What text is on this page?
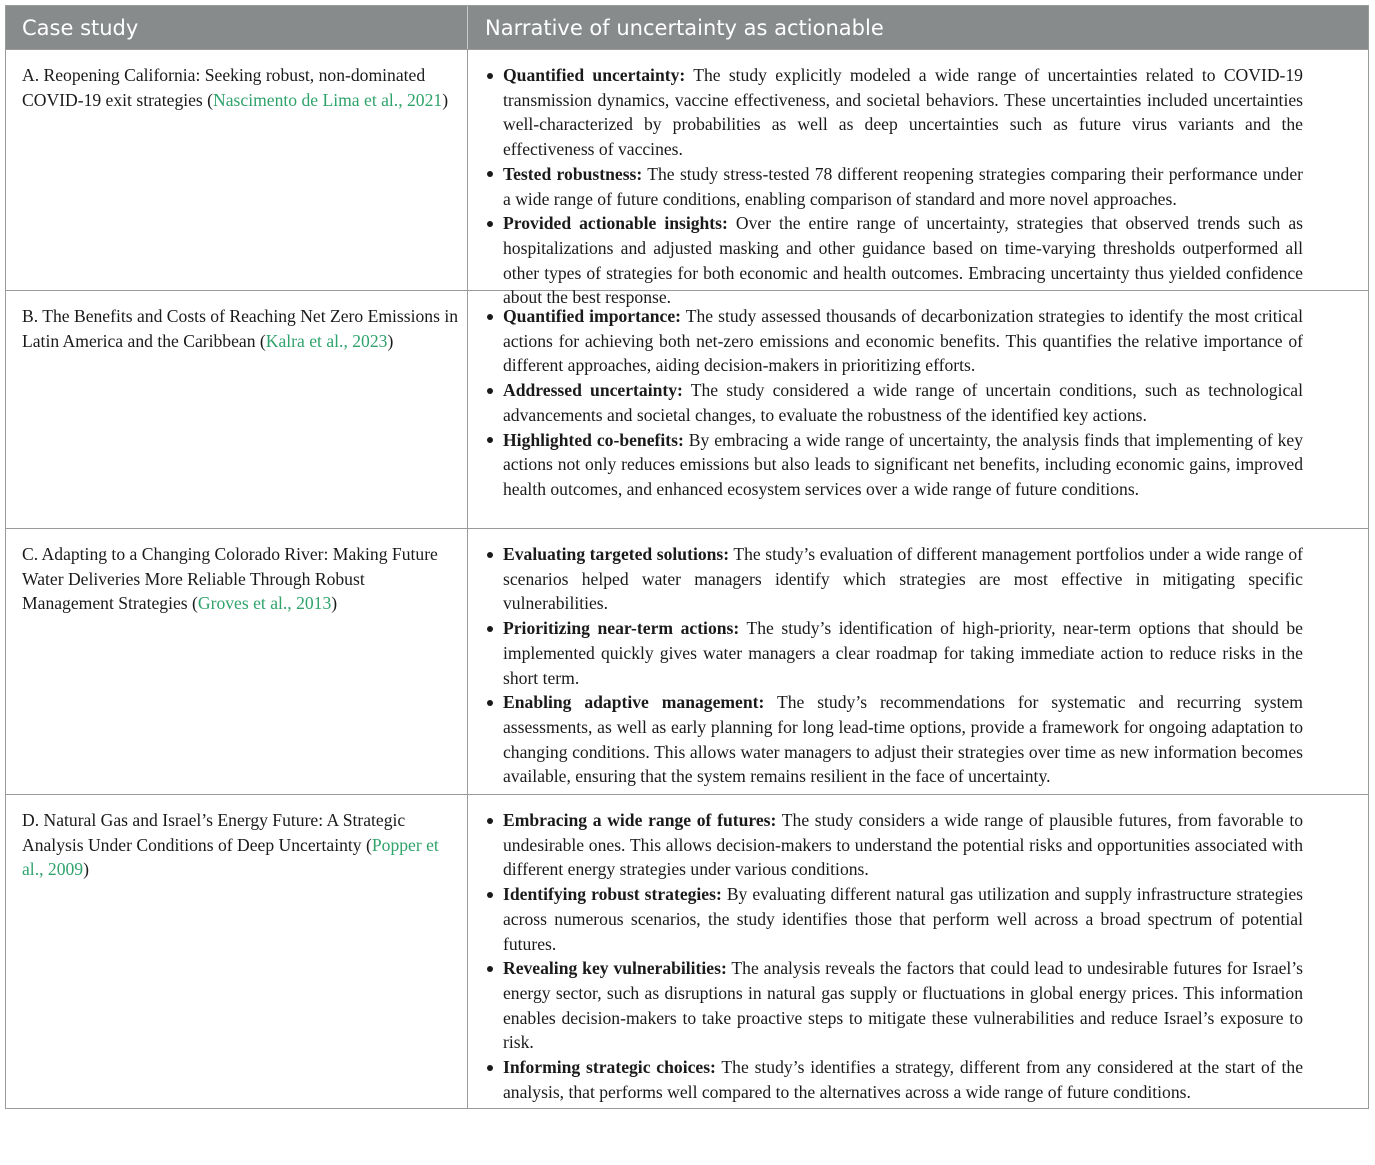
Case study	Narrative of uncertainty as actionable
A. Reopening California: Seeking robust, non-dominated COVID-19 exit strategies (Nascimento de Lima et al., 2021)
Quantified uncertainty: The study explicitly modeled a wide range of uncertainties related to COVID-19 transmission dynamics, vaccine effectiveness, and societal behaviors. These uncertainties included uncertainties well-characterized by probabilities as well as deep uncertainties such as future virus variants and the effectiveness of vaccines.
Tested robustness: The study stress-tested 78 different reopening strategies comparing their performance under a wide range of future conditions, enabling comparison of standard and more novel approaches.
Provided actionable insights: Over the entire range of uncertainty, strategies that observed trends such as hospitalizations and adjusted masking and other guidance based on time-varying thresholds outperformed all other types of strategies for both economic and health outcomes. Embracing uncertainty thus yielded confidence about the best response.
B. The Benefits and Costs of Reaching Net Zero Emissions in Latin America and the Caribbean (Kalra et al., 2023)
Quantified importance: The study assessed thousands of decarbonization strategies to identify the most critical actions for achieving both net-zero emissions and economic benefits. This quantifies the relative importance of different approaches, aiding decision-makers in prioritizing efforts.
Addressed uncertainty: The study considered a wide range of uncertain conditions, such as technological advancements and societal changes, to evaluate the robustness of the identified key actions.
Highlighted co-benefits: By embracing a wide range of uncertainty, the analysis finds that implementing of key actions not only reduces emissions but also leads to significant net benefits, including economic gains, improved health outcomes, and enhanced ecosystem services over a wide range of future conditions.
C. Adapting to a Changing Colorado River: Making Future Water Deliveries More Reliable Through Robust Management Strategies (Groves et al., 2013)
Evaluating targeted solutions: The study’s evaluation of different management portfolios under a wide range of scenarios helped water managers identify which strategies are most effective in mitigating specific vulnerabilities.
Prioritizing near-term actions: The study’s identification of high-priority, near-term options that should be implemented quickly gives water managers a clear roadmap for taking immediate action to reduce risks in the short term.
Enabling adaptive management: The study’s recommendations for systematic and recurring system assessments, as well as early planning for long lead-time options, provide a framework for ongoing adaptation to changing conditions. This allows water managers to adjust their strategies over time as new information becomes available, ensuring that the system remains resilient in the face of uncertainty.
D. Natural Gas and Israel’s Energy Future: A Strategic Analysis Under Conditions of Deep Uncertainty (Popper et al., 2009)
Embracing a wide range of futures: The study considers a wide range of plausible futures, from favorable to undesirable ones. This allows decision-makers to understand the potential risks and opportunities associated with different energy strategies under various conditions.
Identifying robust strategies: By evaluating different natural gas utilization and supply infrastructure strategies across numerous scenarios, the study identifies those that perform well across a broad spectrum of potential futures.
Revealing key vulnerabilities: The analysis reveals the factors that could lead to undesirable futures for Israel’s energy sector, such as disruptions in natural gas supply or fluctuations in global energy prices. This information enables decision-makers to take proactive steps to mitigate these vulnerabilities and reduce Israel’s exposure to risk.
Informing strategic choices: The study’s identifies a strategy, different from any considered at the start of the analysis, that performs well compared to the alternatives across a wide range of future conditions.
